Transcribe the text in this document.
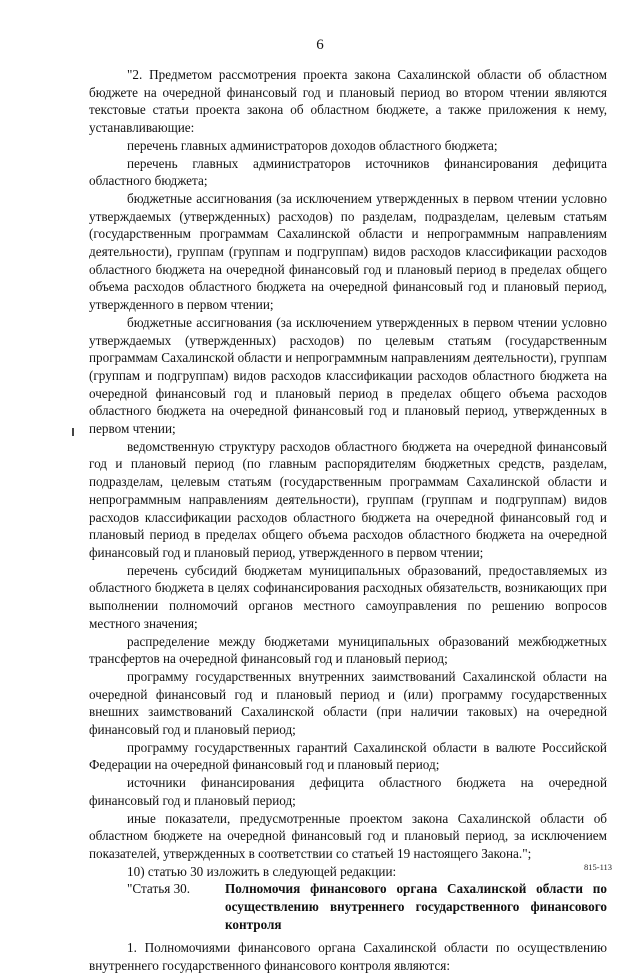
6

"2. Предметом рассмотрения проекта закона Сахалинской области об областном бюджете на очередной финансовый год и плановый период во втором чтении являются текстовые статьи проекта закона об областном бюджете, а также приложения к нему, устанавливающие:

перечень главных администраторов доходов областного бюджета;

перечень главных администраторов источников финансирования дефицита областного бюджета;

бюджетные ассигнования (за исключением утвержденных в первом чтении условно утверждаемых (утвержденных) расходов) по разделам, подразделам, целевым статьям (государственным программам Сахалинской области и непрограммным направлениям деятельности), группам (группам и подгруппам) видов расходов классификации расходов областного бюджета на очередной финансовый год и плановый период в пределах общего объема расходов областного бюджета на очередной финансовый год и плановый период, утвержденного в первом чтении;

бюджетные ассигнования (за исключением утвержденных в первом чтении условно утверждаемых (утвержденных) расходов) по целевым статьям (государственным программам Сахалинской области и непрограммным направлениям деятельности), группам (группам и подгруппам) видов расходов классификации расходов областного бюджета на очередной финансовый год и плановый период в пределах общего объема расходов областного бюджета на очередной финансовый год и плановый период, утвержденных в первом чтении;

ведомственную структуру расходов областного бюджета на очередной финансовый год и плановый период (по главным распорядителям бюджетных средств, разделам, подразделам, целевым статьям (государственным программам Сахалинской области и непрограммным направлениям деятельности), группам (группам и подгруппам) видов расходов классификации расходов областного бюджета на очередной финансовый год и плановый период в пределах общего объема расходов областного бюджета на очередной финансовый год и плановый период, утвержденного в первом чтении;

перечень субсидий бюджетам муниципальных образований, предоставляемых из областного бюджета в целях софинансирования расходных обязательств, возникающих при выполнении полномочий органов местного самоуправления по решению вопросов местного значения;

распределение между бюджетами муниципальных образований межбюджетных трансфертов на очередной финансовый год и плановый период;

программу государственных внутренних заимствований Сахалинской области на очередной финансовый год и плановый период и (или) программу государственных внешних заимствований Сахалинской области (при наличии таковых) на очередной финансовый год и плановый период;

программу государственных гарантий Сахалинской области в валюте Российской Федерации на очередной финансовый год и плановый период;

источники финансирования дефицита областного бюджета на очередной финансовый год и плановый период;

иные показатели, предусмотренные проектом закона Сахалинской области об областном бюджете на очередной финансовый год и плановый период, за исключением показателей, утвержденных в соответствии со статьей 19 настоящего Закона.";

10) статью 30 изложить в следующей редакции:

"Статья 30.	Полномочия финансового органа Сахалинской области по осуществлению внутреннего государственного финансового контроля

1. Полномочиями финансового органа Сахалинской области по осуществлению внутреннего государственного финансового контроля являются:

815-113
